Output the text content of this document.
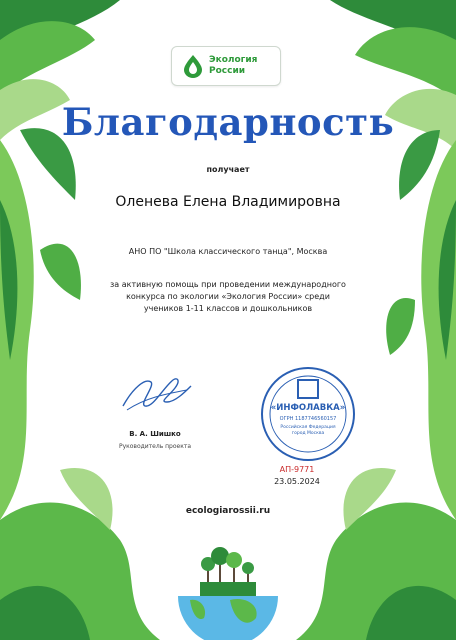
Экология
России
Благодарность
получает
Оленева Елена Владимировна
АНО ПО "Школа классического танца", Москва
за активную помощь при проведении международного конкурса по экологии «Экология России» среди учеников 1-11 классов и дошкольников
В. А. Шишко
Руководитель проекта
«ИНФОЛАВКА»
ОГРН 1187746560157
Российская Федерация
город Москва
АП-9771
23.05.2024
ecologiarossii.ru
